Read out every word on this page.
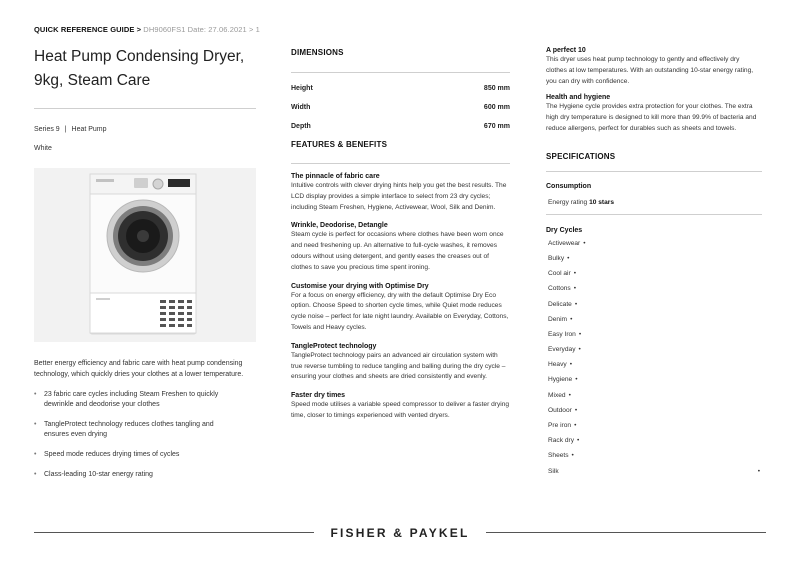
QUICK REFERENCE GUIDE > DH9060FS1 Date: 27.06.2021 > 1
Heat Pump Condensing Dryer,
9kg, Steam Care
Series 9 | Heat Pump
White

Better energy efficiency and fabric care with heat pump condensing technology, which quickly dries your clothes at a lower temperature.

• 23 fabric care cycles including Steam Freshen to quickly dewrinkle and deodorise your clothes
• TangleProtect technology reduces clothes tangling and ensures even drying
• Speed mode reduces drying times of cycles
• Class-leading 10-star energy rating
DIMENSIONS
Height	850 mm
Width	600 mm
Depth	670 mm
FEATURES & BENEFITS
The pinnacle of fabric care

Intuitive controls with clever drying hints help you get the best results. The LCD display provides a simple interface to select from 23 dry cycles; including Steam Freshen, Hygiene, Activewear, Wool, Silk and Denim.

Wrinkle, Deodorise, Detangle

Steam cycle is perfect for occasions where clothes have been worn once and need freshening up. An alternative to full-cycle washes, it removes odours without using detergent, and gently eases the creases out of clothes to save you precious time spent ironing.

Customise your drying with Optimise Dry

For a focus on energy efficiency, dry with the default Optimise Dry Eco option. Choose Speed to shorten cycle times, while Quiet mode reduces cycle noise – perfect for late night laundry. Available on Everyday, Cottons, Towels and Heavy cycles.

TangleProtect technology

TangleProtect technology pairs an advanced air circulation system with true reverse tumbling to reduce tangling and balling during the dry cycle – ensuring your clothes and sheets are dried consistently and evenly.

Faster dry times

Speed mode utilises a variable speed compressor to deliver a faster drying time, closer to timings experienced with vented dryers.

A perfect 10

This dryer uses heat pump technology to gently and effectively dry clothes at low temperatures. With an outstanding 10-star energy rating, you can dry with confidence.

Health and hygiene

The Hygiene cycle provides extra protection for your clothes. The extra high dry temperature is designed to kill more than 99.9% of bacteria and reduce allergens, perfect for durables such as sheets and towels.

SPECIFICATIONS
Consumption
Energy rating 10 stars
Dry Cycles
Activewear •
Bulky •
Cool air •
Cottons •
Delicate •
Denim •
Easy Iron •
Everyday •
Heavy •
Hygiene •
Mixed •
Outdoor •
Pre iron •
Rack dry •
Sheets •
Silk	•
FISHER & PAYKEL
